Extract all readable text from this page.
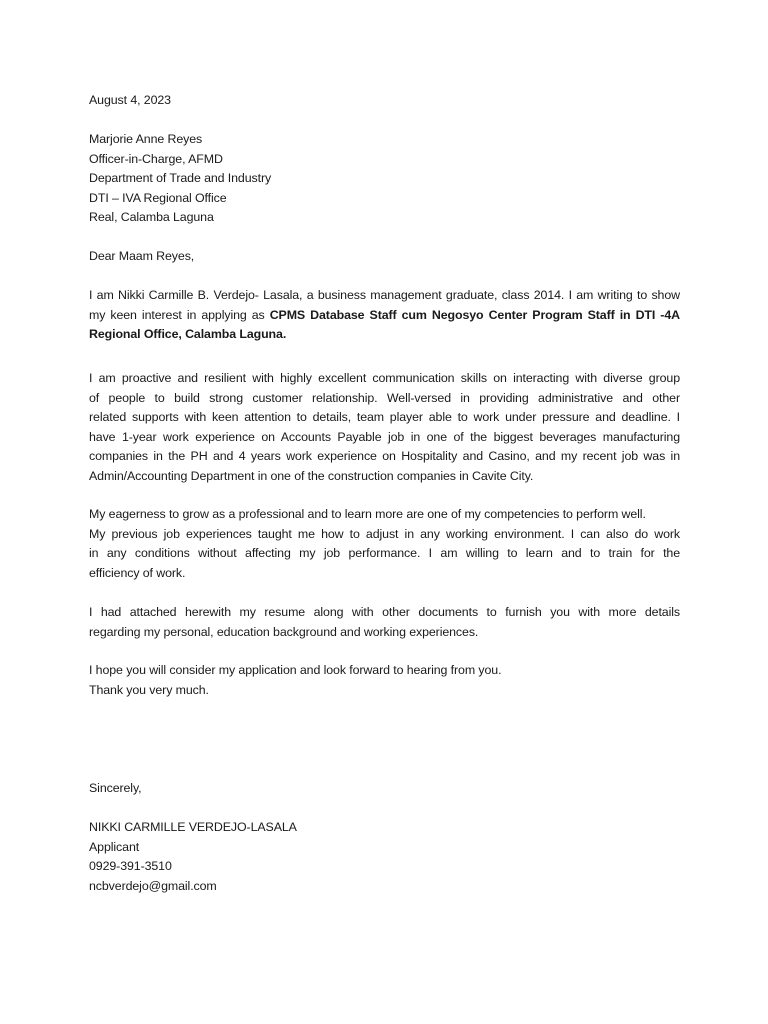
August 4, 2023
Marjorie Anne Reyes
Officer-in-Charge, AFMD
Department of Trade and Industry
DTI – IVA Regional Office
Real, Calamba Laguna
Dear Maam Reyes,
I am Nikki Carmille B. Verdejo- Lasala, a business management graduate, class 2014. I am writing to show
my keen interest in applying as CPMS Database Staff cum Negosyo Center Program Staff in DTI -4A
Regional Office, Calamba Laguna.
I am proactive and resilient with highly excellent communication skills on interacting with diverse group
of people to build strong customer relationship. Well-versed in providing administrative and other
related supports with keen attention to details, team player able to work under pressure and deadline. I
have 1-year work experience on Accounts Payable job in one of the biggest beverages manufacturing
companies in the PH and 4 years work experience on Hospitality and Casino, and my recent job was in
Admin/Accounting Department in one of the construction companies in Cavite City.
My eagerness to grow as a professional and to learn more are one of my competencies to perform well.
My previous job experiences taught me how to adjust in any working environment. I can also do work
in any conditions without affecting my job performance. I am willing to learn and to train for the
efficiency of work.
I had attached herewith my resume along with other documents to furnish you with more details
regarding my personal, education background and working experiences.
I hope you will consider my application and look forward to hearing from you.
Thank you very much.
Sincerely,
NIKKI CARMILLE VERDEJO-LASALA
Applicant
0929-391-3510
ncbverdejo@gmail.com
